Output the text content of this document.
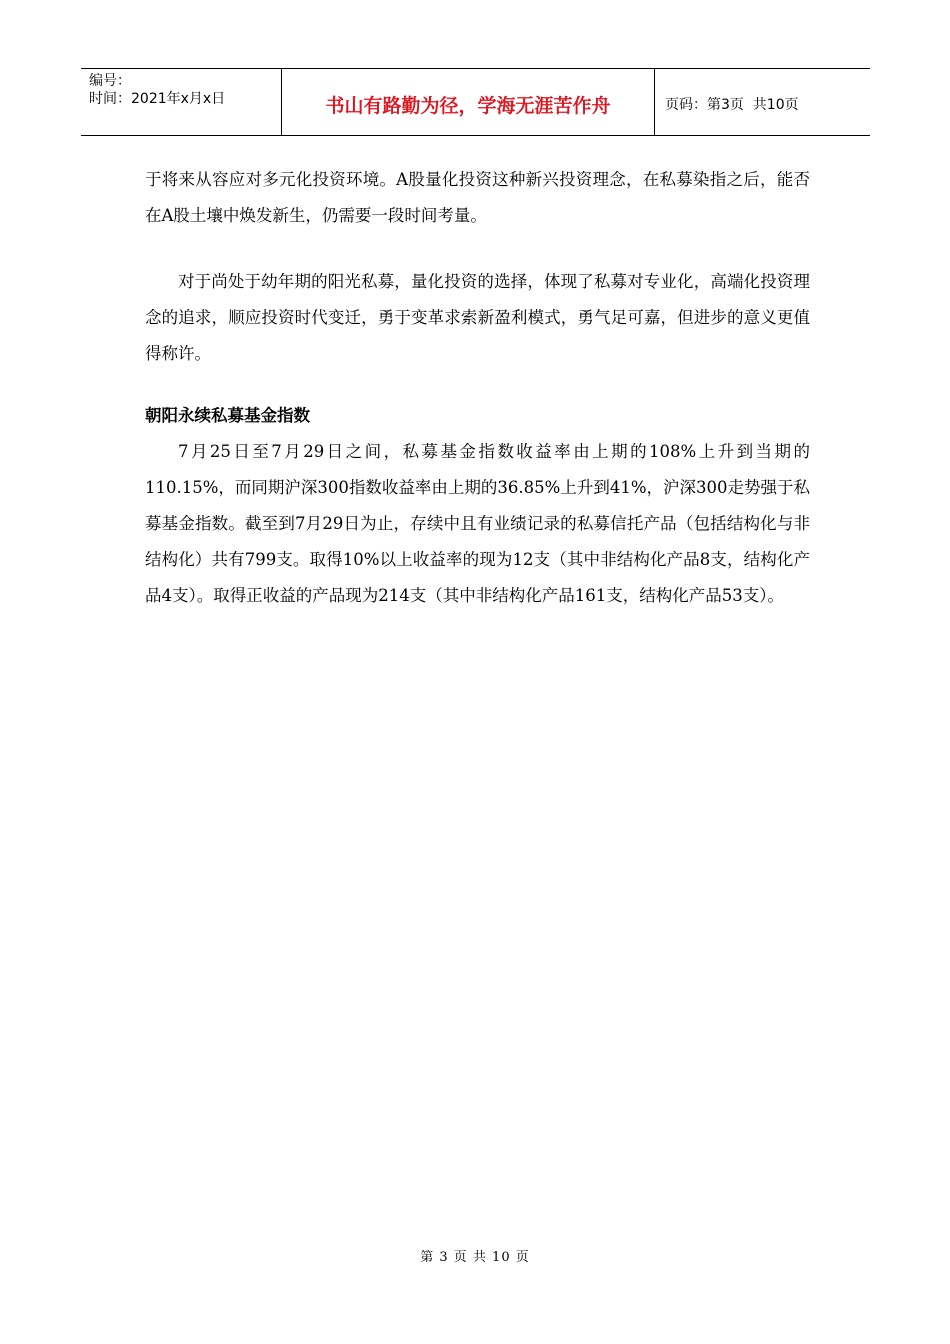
编号：
时间：2021年x月x日	书山有路勤为径，学海无涯苦作舟	页码：第3页  共10页

于将来从容应对多元化投资环境。A股量化投资这种新兴投资理念，在私募染指之后，能否在A股土壤中焕发新生，仍需要一段时间考量。

对于尚处于幼年期的阳光私募，量化投资的选择，体现了私募对专业化，高端化投资理念的追求，顺应投资时代变迁，勇于变革求索新盈利模式，勇气足可嘉，但进步的意义更值得称许。

朝阳永续私募基金指数

7月25日至7月29日之间，私募基金指数收益率由上期的108%上升到当期的110.15%，而同期沪深300指数收益率由上期的36.85%上升到41%，沪深300走势强于私募基金指数。截至到7月29日为止，存续中且有业绩记录的私募信托产品（包括结构化与非结构化）共有799支。取得10%以上收益率的现为12支（其中非结构化产品8支，结构化产品4支）。取得正收益的产品现为214支（其中非结构化产品161支，结构化产品53支）。

第 3 页 共 10 页
